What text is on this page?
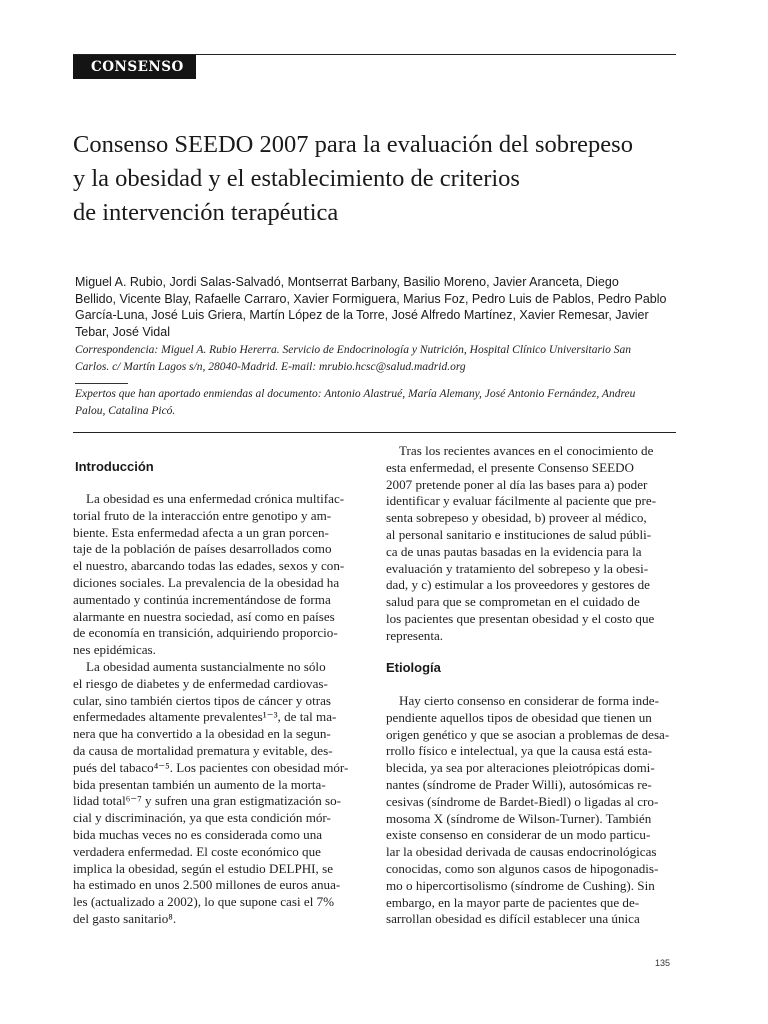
CONSENSO
Consenso SEEDO 2007 para la evaluación del sobrepeso
y la obesidad y el establecimiento de criterios
de intervención terapéutica
Miguel A. Rubio, Jordi Salas-Salvadó, Montserrat Barbany, Basilio Moreno, Javier Aranceta, Diego
Bellido, Vicente Blay, Rafaelle Carraro, Xavier Formiguera, Marius Foz, Pedro Luis de Pablos, Pedro Pablo
García-Luna, José Luis Griera, Martín López de la Torre, José Alfredo Martínez, Xavier Remesar, Javier
Tebar, José Vidal
Correspondencia: Miguel A. Rubio Hererra. Servicio de Endocrinología y Nutrición, Hospital Clínico Universitario San
Carlos. c/ Martín Lagos s/n, 28040-Madrid. E-mail: mrubio.hcsc@salud.madrid.org
Expertos que han aportado enmiendas al documento: Antonio Alastrué, María Alemany, José Antonio Fernández, Andreu
Palou, Catalina Picó.
Introducción
La obesidad es una enfermedad crónica multifac-
torial fruto de la interacción entre genotipo y am-
biente. Esta enfermedad afecta a un gran porcen-
taje de la población de países desarrollados como
el nuestro, abarcando todas las edades, sexos y con-
diciones sociales. La prevalencia de la obesidad ha
aumentado y continúa incrementándose de forma
alarmante en nuestra sociedad, así como en países
de economía en transición, adquiriendo proporcio-
nes epidémicas.
La obesidad aumenta sustancialmente no sólo
el riesgo de diabetes y de enfermedad cardiovas-
cular, sino también ciertos tipos de cáncer y otras
enfermedades altamente prevalentes¹⁻³, de tal ma-
nera que ha convertido a la obesidad en la segun-
da causa de mortalidad prematura y evitable, des-
pués del tabaco⁴⁻⁵. Los pacientes con obesidad mór-
bida presentan también un aumento de la morta-
lidad total⁶⁻⁷ y sufren una gran estigmatización so-
cial y discriminación, ya que esta condición mór-
bida muchas veces no es considerada como una
verdadera enfermedad. El coste económico que
implica la obesidad, según el estudio DELPHI, se
ha estimado en unos 2.500 millones de euros anua-
les (actualizado a 2002), lo que supone casi el 7%
del gasto sanitario⁸.
Tras los recientes avances en el conocimiento de
esta enfermedad, el presente Consenso SEEDO
2007 pretende poner al día las bases para a) poder
identificar y evaluar fácilmente al paciente que pre-
senta sobrepeso y obesidad, b) proveer al médico,
al personal sanitario e instituciones de salud públi-
ca de unas pautas basadas en la evidencia para la
evaluación y tratamiento del sobrepeso y la obesi-
dad, y c) estimular a los proveedores y gestores de
salud para que se comprometan en el cuidado de
los pacientes que presentan obesidad y el costo que
representa.
Etiología
Hay cierto consenso en considerar de forma inde-
pendiente aquellos tipos de obesidad que tienen un
origen genético y que se asocian a problemas de desa-
rrollo físico e intelectual, ya que la causa está esta-
blecida, ya sea por alteraciones pleiotrópicas domi-
nantes (síndrome de Prader Willi), autosómicas re-
cesivas (síndrome de Bardet-Biedl) o ligadas al cro-
mosoma X (síndrome de Wilson-Turner). También
existe consenso en considerar de un modo particu-
lar la obesidad derivada de causas endocrinológicas
conocidas, como son algunos casos de hipogonadis-
mo o hipercortisolismo (síndrome de Cushing). Sin
embargo, en la mayor parte de pacientes que de-
sarrollan obesidad es difícil establecer una única
135
